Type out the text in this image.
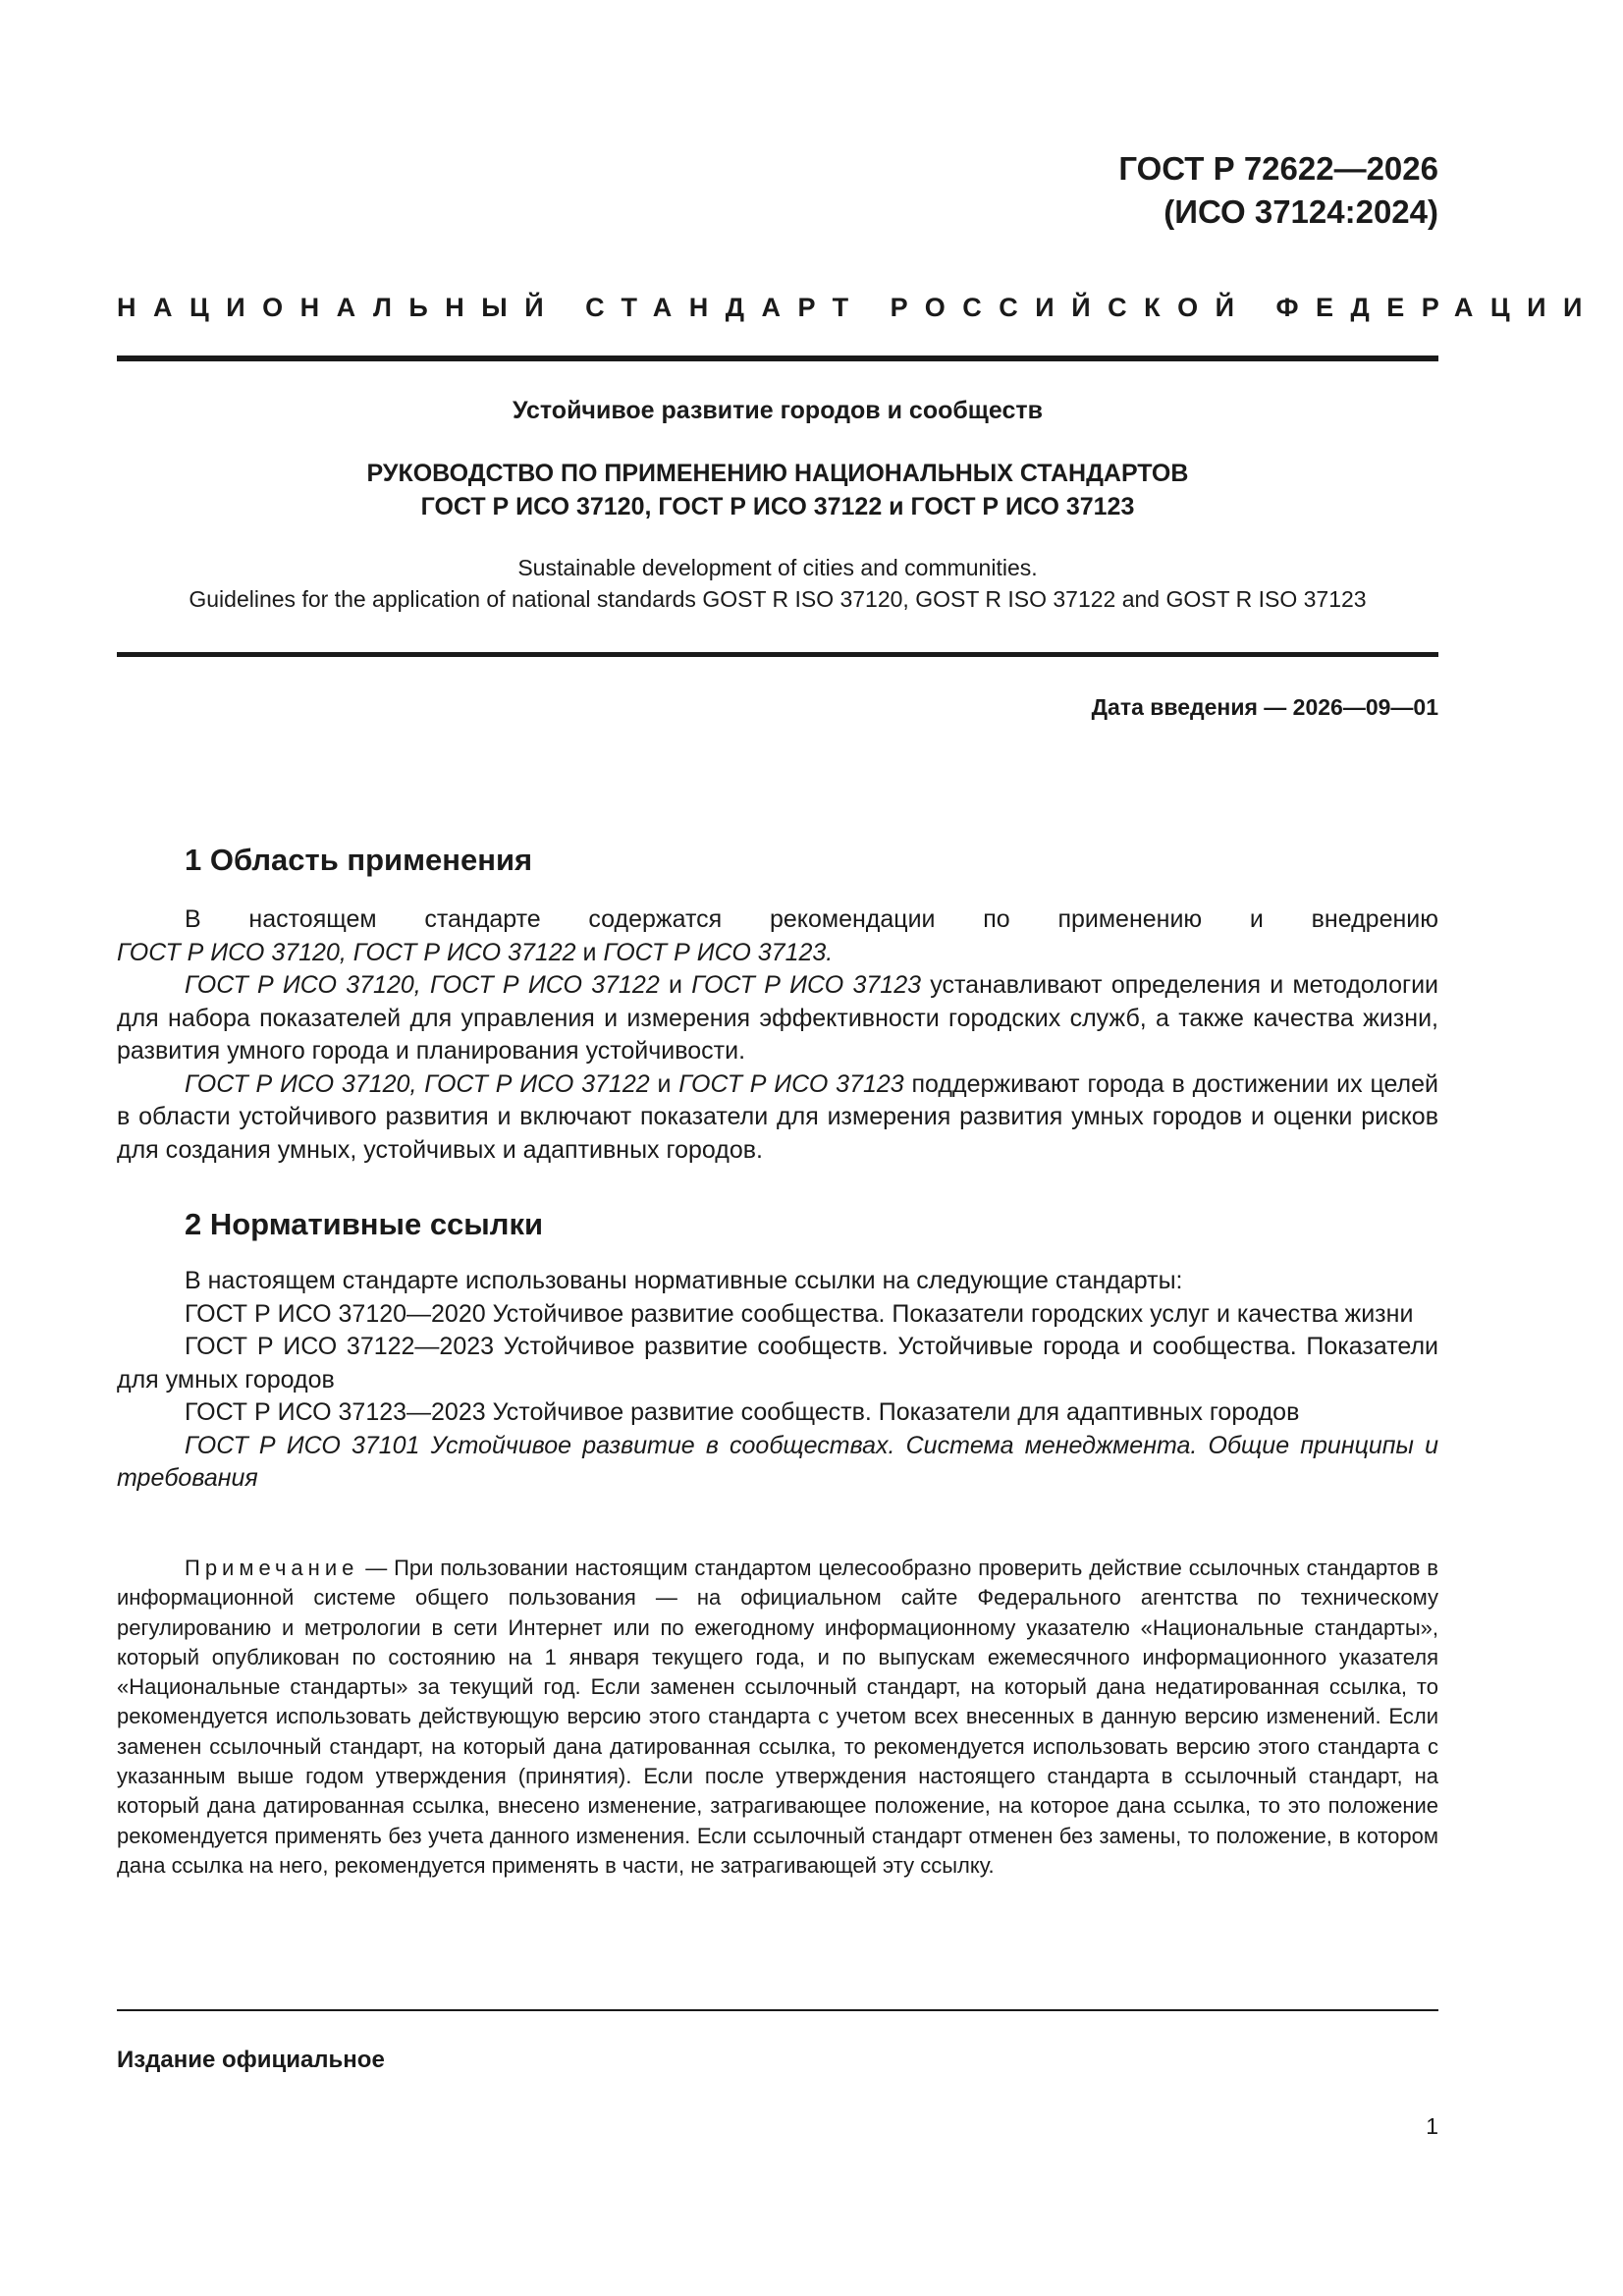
ГОСТ Р 72622—2026
(ИСО 37124:2024)
НАЦИОНАЛЬНЫЙ СТАНДАРТ РОССИЙСКОЙ ФЕДЕРАЦИИ
Устойчивое развитие городов и сообществ
РУКОВОДСТВО ПО ПРИМЕНЕНИЮ НАЦИОНАЛЬНЫХ СТАНДАРТОВ
ГОСТ Р ИСО 37120, ГОСТ Р ИСО 37122 и ГОСТ Р ИСО 37123
Sustainable development of cities and communities.
Guidelines for the application of national standards GOST R ISO 37120, GOST R ISO 37122 and GOST R ISO 37123
Дата введения — 2026—09—01
1 Область применения

В настоящем стандарте содержатся рекомендации по применению и внедрению
ГОСТ Р ИСО 37120, ГОСТ Р ИСО 37122 и ГОСТ Р ИСО 37123.

ГОСТ Р ИСО 37120, ГОСТ Р ИСО 37122 и ГОСТ Р ИСО 37123 устанавливают определения и методологии для набора показателей для управления и измерения эффективности городских служб, а также качества жизни, развития умного города и планирования устойчивости.

ГОСТ Р ИСО 37120, ГОСТ Р ИСО 37122 и ГОСТ Р ИСО 37123 поддерживают города в достижении их целей в области устойчивого развития и включают показатели для измерения развития умных городов и оценки рисков для создания умных, устойчивых и адаптивных городов.

2 Нормативные ссылки

В настоящем стандарте использованы нормативные ссылки на следующие стандарты:

ГОСТ Р ИСО 37120—2020 Устойчивое развитие сообщества. Показатели городских услуг и качества жизни

ГОСТ Р ИСО 37122—2023 Устойчивое развитие сообществ. Устойчивые города и сообщества. Показатели для умных городов

ГОСТ Р ИСО 37123—2023 Устойчивое развитие сообществ. Показатели для адаптивных городов

ГОСТ Р ИСО 37101 Устойчивое развитие в сообществах. Система менеджмента. Общие принципы и требования

Примечание — При пользовании настоящим стандартом целесообразно проверить действие ссылочных стандартов в информационной системе общего пользования — на официальном сайте Федерального агентства по техническому регулированию и метрологии в сети Интернет или по ежегодному информационному указателю «Национальные стандарты», который опубликован по состоянию на 1 января текущего года, и по выпускам ежемесячного информационного указателя «Национальные стандарты» за текущий год. Если заменен ссылочный стандарт, на который дана недатированная ссылка, то рекомендуется использовать действующую версию этого стандарта с учетом всех внесенных в данную версию изменений. Если заменен ссылочный стандарт, на который дана датированная ссылка, то рекомендуется использовать версию этого стандарта с указанным выше годом утверждения (принятия). Если после утверждения настоящего стандарта в ссылочный стандарт, на который дана датированная ссылка, внесено изменение, затрагивающее положение, на которое дана ссылка, то это положение рекомендуется применять без учета данного изменения. Если ссылочный стандарт отменен без замены, то положение, в котором дана ссылка на него, рекомендуется применять в части, не затрагивающей эту ссылку.

Издание официальное
1
